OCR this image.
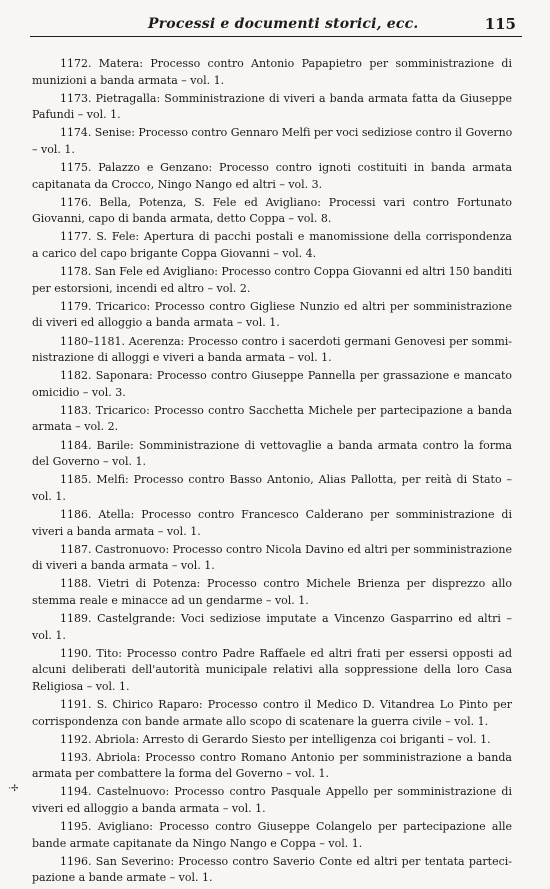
Processi e documenti storici, ecc.	115
1172. Matera: Processo contro Antonio Papapietro per somministrazione di
munizioni a banda armata – vol. 1.
1173. Pietragalla: Somministrazione di viveri a banda armata fatta da Giuseppe
Pafundi – vol. 1.
1174. Senise: Processo contro Gennaro Melfi per voci sediziose contro il Governo
– vol. 1.
1175. Palazzo e Genzano: Processo contro ignoti costituiti in banda armata
capitanata da Crocco, Ningo Nango ed altri – vol. 3.
1176. Bella, Potenza, S. Fele ed Avigliano: Processi vari contro Fortunato
Giovanni, capo di banda armata, detto Coppa – vol. 8.
1177. S. Fele: Apertura di pacchi postali e manomissione della corrispondenza
a carico del capo brigante Coppa Giovanni – vol. 4.
1178. San Fele ed Avigliano: Processo contro Coppa Giovanni ed altri 150 banditi
per estorsioni, incendi ed altro – vol. 2.
1179. Tricarico: Processo contro Gigliese Nunzio ed altri per somministrazione
di viveri ed alloggio a banda armata – vol. 1.
1180–1181. Acerenza: Processo contro i sacerdoti germani Genovesi per sommi-
nistrazione di alloggi e viveri a banda armata – vol. 1.
1182. Saponara: Processo contro Giuseppe Pannella per grassazione e mancato
omicidio – vol. 3.
1183. Tricarico: Processo contro Sacchetta Michele per partecipazione a banda
armata – vol. 2.
1184. Barile: Somministrazione di vettovaglie a banda armata contro la forma
del Governo – vol. 1.
1185. Melfi: Processo contro Basso Antonio, Alias Pallotta, per reità di Stato –
vol. 1.
1186. Atella: Processo contro Francesco Calderano per somministrazione di
viveri a banda armata – vol. 1.
1187. Castronuovo: Processo contro Nicola Davino ed altri per somministrazione
di viveri a banda armata – vol. 1.
1188. Vietri di Potenza: Processo contro Michele Brienza per disprezzo allo
stemma reale e minacce ad un gendarme – vol. 1.
1189. Castelgrande: Voci sediziose imputate a Vincenzo Gasparrino ed altri –
vol. 1.
1190. Tito: Processo contro Padre Raffaele ed altri frati per essersi opposti ad
alcuni deliberati dell'autorità municipale relativi alla soppressione della loro Casa
Religiosa – vol. 1.
1191. S. Chirico Raparo: Processo contro il Medico D. Vitandrea Lo Pinto per
corrispondenza con bande armate allo scopo di scatenare la guerra civile – vol. 1.
1192. Abriola: Arresto di Gerardo Siesto per intelligenza coi briganti – vol. 1.
1193. Abriola: Processo contro Romano Antonio per somministrazione a banda
armata per combattere la forma del Governo – vol. 1.
1194. Castelnuovo: Processo contro Pasquale Appello per somministrazione di
viveri ed alloggio a banda armata – vol. 1.
1195. Avigliano: Processo contro Giuseppe Colangelo per partecipazione alle
bande armate capitanate da Ningo Nango e Coppa – vol. 1.
1196. San Severino: Processo contro Saverio Conte ed altri per tentata parteci-
pazione a bande armate – vol. 1.
·✢
